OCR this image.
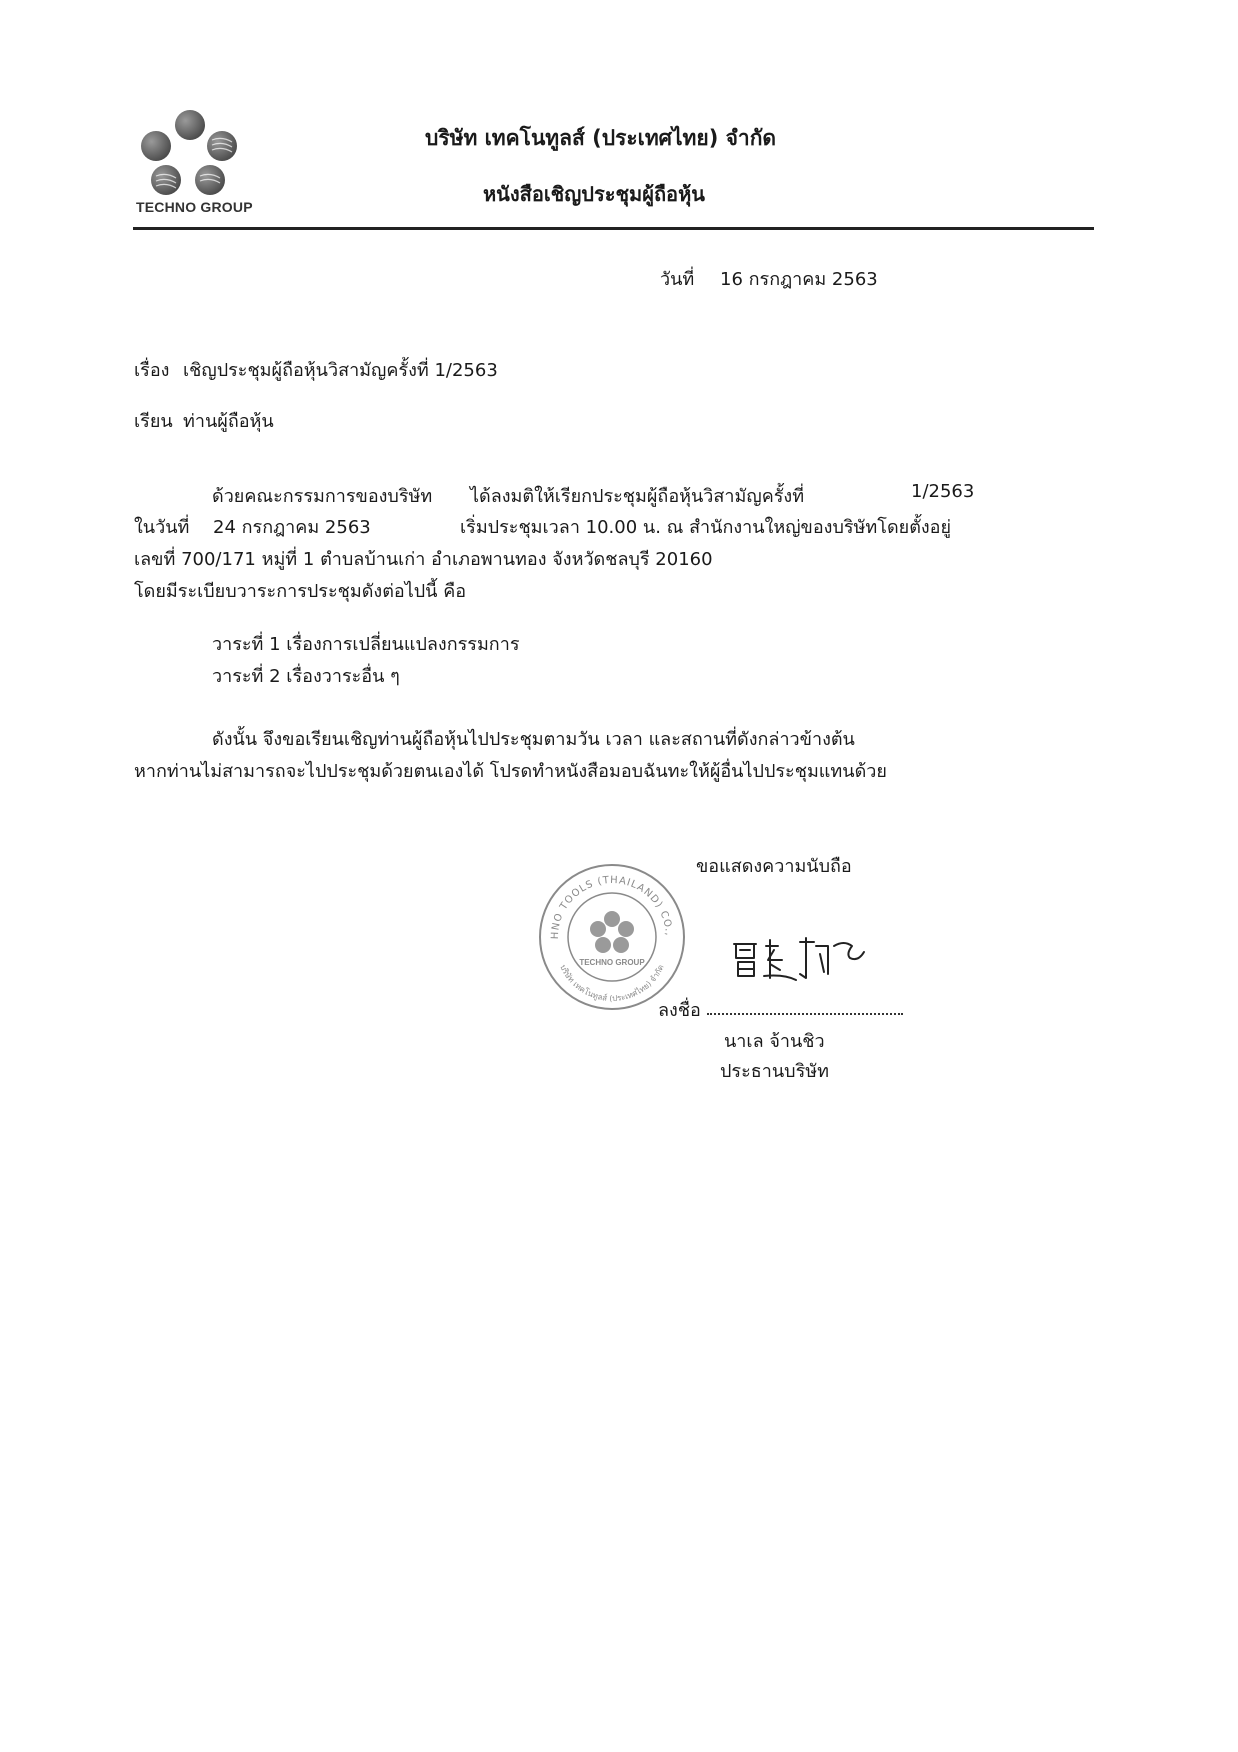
TECHNO GROUP
บริษัท เทคโนทูลส์ (ประเทศไทย) จำกัด
หนังสือเชิญประชุมผู้ถือหุ้น
วันที่ 16 กรกฎาคม 2563
เรื่อง เชิญประชุมผู้ถือหุ้นวิสามัญครั้งที่ 1/2563
เรียน ท่านผู้ถือหุ้น
ด้วยคณะกรรมการของบริษัท ได้ลงมติให้เรียกประชุมผู้ถือหุ้นวิสามัญครั้งที่	1/2563
ในวันที่ 24 กรกฎาคม 2563	เริ่มประชุมเวลา 10.00 น. ณ สำนักงานใหญ่ของบริษัทโดยตั้งอยู่
เลขที่ 700/171 หมู่ที่ 1 ตำบลบ้านเก่า อำเภอพานทอง จังหวัดชลบุรี 20160
โดยมีระเบียบวาระการประชุมดังต่อไปนี้ คือ
วาระที่ 1 เรื่องการเปลี่ยนแปลงกรรมการ
วาระที่ 2 เรื่องวาระอื่น ๆ
ดังนั้น จึงขอเรียนเชิญท่านผู้ถือหุ้นไปประชุมตามวัน เวลา และสถานที่ดังกล่าวข้างต้น
หากท่านไม่สามารถจะไปประชุมด้วยตนเองได้ โปรดทำหนังสือมอบฉันทะให้ผู้อื่นไปประชุมแทนด้วย
ขอแสดงความนับถือ
HNO TOOLS (THAILAND) CO.,
บริษัท เทคโนทูลส์ (ประเทศไทย) จำกัด
TECHNO GROUP
ลงชื่อ
นาเล จ้านชิว
ประธานบริษัท
